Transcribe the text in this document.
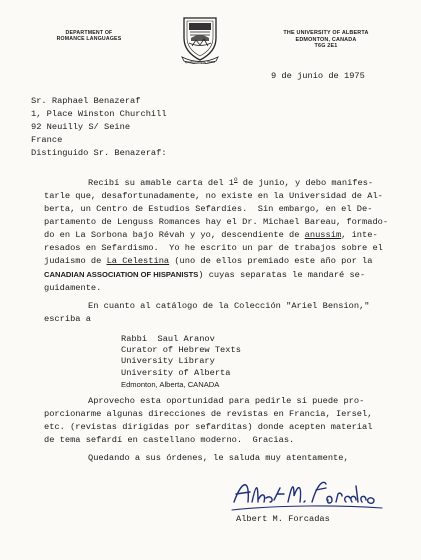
DEPARTMENT OF
ROMANCE LANGUAGES
QUAECUMQUE VERA
THE UNIVERSITY OF ALBERTA
EDMONTON, CANADA
T6G 2E1
9 de junio de 1975
Sr. Raphael Benazeraf
1, Place Winston Churchill
92 Neuilly S/ Seine
France
Distinguido Sr. Benazeraf:
Recibí su amable carta del 1$^o$ de junio, y debo manifes-
tarle que, desafortunadamente, no existe en la Universidad de Al-
berta, un Centro de Estudios Sefardíes.  Sin embargo, en el De-
partamento de Lenguss Romances hay el Dr. Michael Bareau, formado-
do en La Sorbona bajo Révah y yo, descendiente de anussim, inte-
resados en Sefardismo.  Yo he escrito un par de trabajos sobre el
judaismo de La Celestina (uno de ellos premiado este año por la
CANADIAN ASSOCIATION OF HISPANISTS) cuyas separatas le mandaré se-
guidamente.
En cuanto al catálogo de la Colección "Ariel Bension,"
escriba a
Rabbi  Saul Aranov
Curator of Hebrew Texts
University Library
University of Alberta
Edmonton, Alberta, CANADA
Aprovecho esta oportunidad para pedirle si puede pro-
porcionarme algunas direcciones de revistas en Francia, Iersel,
etc. (revistas dirigidas por sefarditas) donde acepten material
de tema sefardí en castellano moderno.  Gracias.
Quedando a sus órdenes, le saluda muy atentamente,
Albert M. Forcadas
